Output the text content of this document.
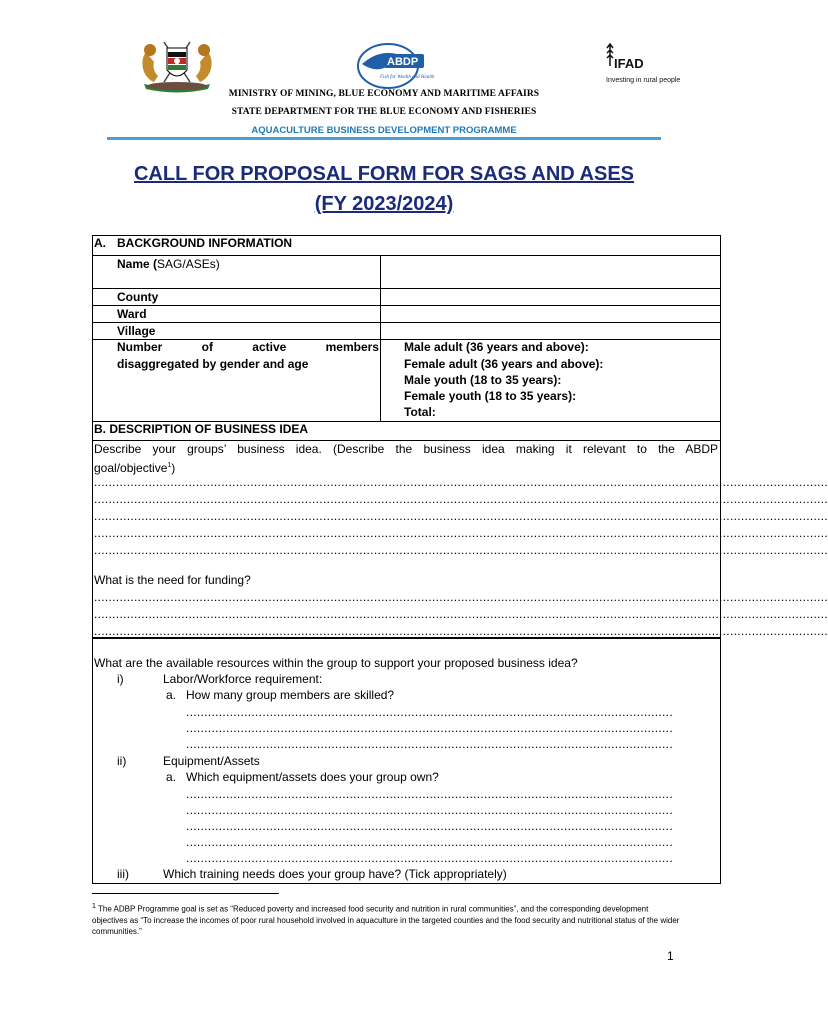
ABDP
Fish for Wealth and Health
IFAD
Investing in rural people
MINISTRY OF MINING, BLUE ECONOMY AND MARITIME AFFAIRS
STATE DEPARTMENT FOR THE BLUE ECONOMY AND FISHERIES
AQUACULTURE BUSINESS DEVELOPMENT PROGRAMME
CALL FOR PROPOSAL FORM FOR SAGS AND ASES
(FY 2023/2024)
A. BACKGROUND INFORMATION
Name (SAG/ASEs)
County
Ward
Village
Number	of	active	members
disaggregated by gender and age
Male adult (36 years and above):
Female adult (36 years and above):
Male youth (18 to 35 years):
Female youth (18 to 35 years):
Total:
B. DESCRIPTION OF BUSINESS IDEA
Describe your groups’ business idea. (Describe the business idea making it relevant to the ABDP
goal/objective$^1$)
..........................................................................................................................................................................................................
..........................................................................................................................................................................................................
..........................................................................................................................................................................................................
..........................................................................................................................................................................................................
..........................................................................................................................................................................................................
What is the need for funding?
..........................................................................................................................................................................................................
..........................................................................................................................................................................................................
..........................................................................................................................................................................................................
What are the available resources within the group to support your proposed business idea?
i)	Labor/Workforce requirement:
a. How many group members are skilled?
......................................................................................................................................
......................................................................................................................................
......................................................................................................................................
ii)	Equipment/Assets
a. Which equipment/assets does your group own?
......................................................................................................................................
......................................................................................................................................
......................................................................................................................................
......................................................................................................................................
......................................................................................................................................
iii)	Which training needs does your group have? (Tick appropriately)
$^1$ The ADBP Programme goal is set as “Reduced poverty and increased food security and nutrition in rural communities”, and the corresponding development objectives as “To increase the incomes of poor rural household involved in aquaculture in the targeted counties and the food security and nutritional status of the wider communities.”
1
